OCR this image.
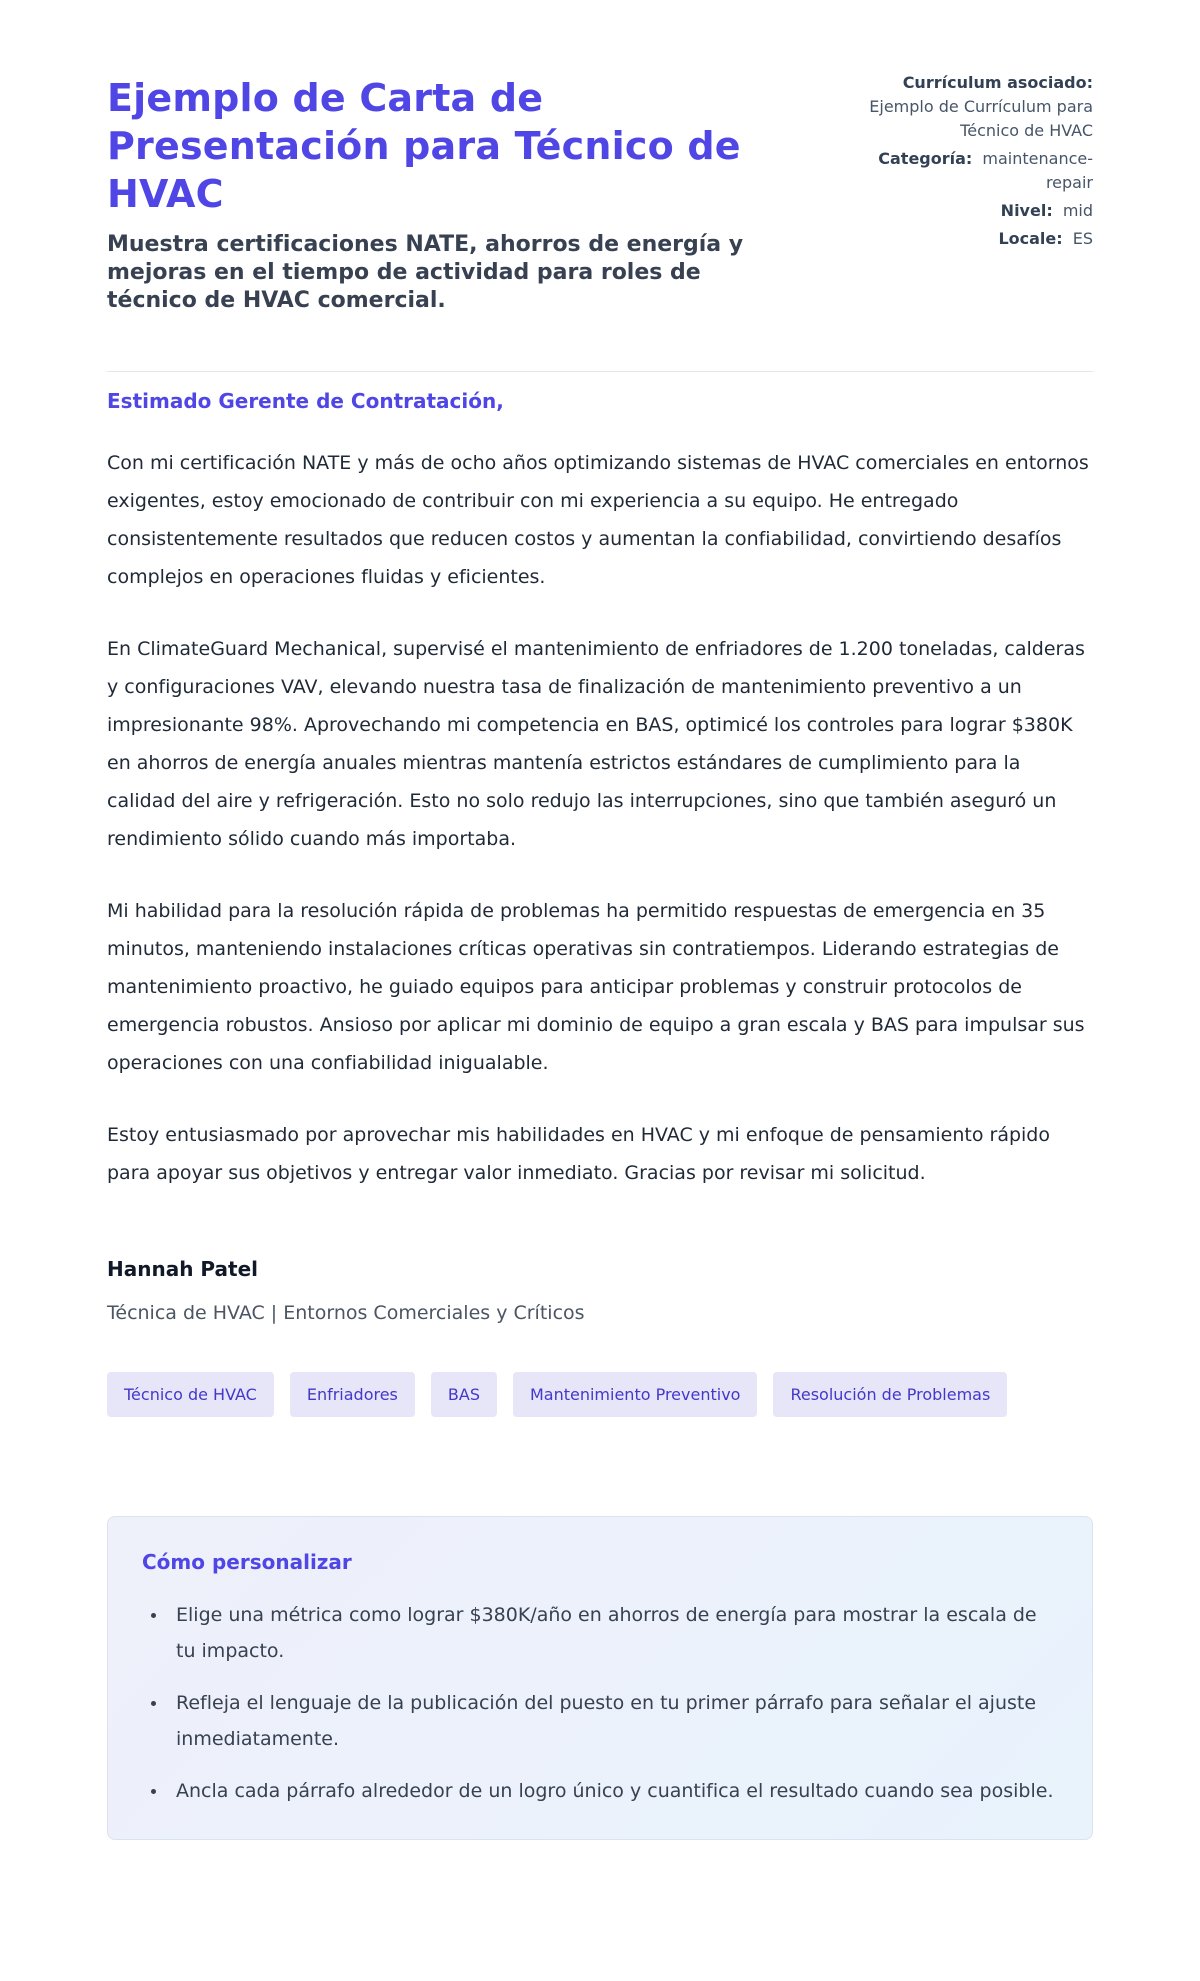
Ejemplo de Carta de Presentación para Técnico de HVAC

Muestra certificaciones NATE, ahorros de energía y mejoras en el tiempo de actividad para roles de técnico de HVAC comercial.

Currículum asociado:
Ejemplo de Currículum para Técnico de HVAC
Categoría: maintenance-repair
Nivel: mid
Locale: ES

Estimado Gerente de Contratación,

Con mi certificación NATE y más de ocho años optimizando sistemas de HVAC comerciales en entornos exigentes, estoy emocionado de contribuir con mi experiencia a su equipo. He entregado consistentemente resultados que reducen costos y aumentan la confiabilidad, convirtiendo desafíos complejos en operaciones fluidas y eficientes.

En ClimateGuard Mechanical, supervisé el mantenimiento de enfriadores de 1.200 toneladas, calderas y configuraciones VAV, elevando nuestra tasa de finalización de mantenimiento preventivo a un impresionante 98%. Aprovechando mi competencia en BAS, optimicé los controles para lograr $380K en ahorros de energía anuales mientras mantenía estrictos estándares de cumplimiento para la calidad del aire y refrigeración. Esto no solo redujo las interrupciones, sino que también aseguró un rendimiento sólido cuando más importaba.

Mi habilidad para la resolución rápida de problemas ha permitido respuestas de emergencia en 35 minutos, manteniendo instalaciones críticas operativas sin contratiempos. Liderando estrategias de mantenimiento proactivo, he guiado equipos para anticipar problemas y construir protocolos de emergencia robustos. Ansioso por aplicar mi dominio de equipo a gran escala y BAS para impulsar sus operaciones con una confiabilidad inigualable.

Estoy entusiasmado por aprovechar mis habilidades en HVAC y mi enfoque de pensamiento rápido para apoyar sus objetivos y entregar valor inmediato. Gracias por revisar mi solicitud.

Hannah Patel

Técnica de HVAC | Entornos Comerciales y Críticos

Técnico de HVAC	Enfriadores	BAS	Mantenimiento Preventivo	Resolución de Problemas
Cómo personalizar
• Elige una métrica como lograr $380K/año en ahorros de energía para mostrar la escala de tu impacto.
• Refleja el lenguaje de la publicación del puesto en tu primer párrafo para señalar el ajuste inmediatamente.
• Ancla cada párrafo alrededor de un logro único y cuantifica el resultado cuando sea posible.
